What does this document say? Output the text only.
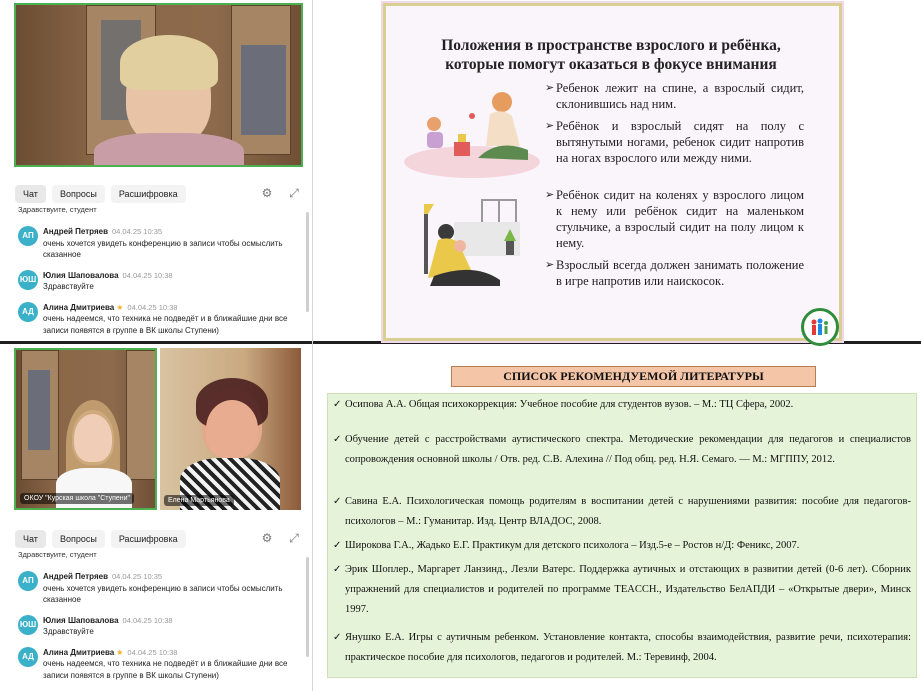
Чат	Вопросы	Расшифровка	⚙ ⤢
Здравствуите, студент
АП	Андрей Петряев 04.04.25 10:35
очень хочется увидеть конференцию в записи чтобы осмыслить сказанное
ЮШ Юлия Шаповалова 04.04.25 10:38
Здравствуйте
АД	Алина Дмитриева ★ 04.04.25 10:38
очень надеемся, что техника не подведёт и в ближайшие дни все записи появятся в группе в ВК школы Ступени)
Положения в пространстве взрослого и ребёнка,
которые помогут оказаться в фокусе внимания
➢ Ребенок лежит на спине, а взрослый сидит, склонившись над ним.
➢ Ребёнок и взрослый сидят на полу с вытянутыми ногами, ребенок сидит напротив на ногах взрослого или между ними.
➢ Ребёнок сидит на коленях у взрослого лицом к нему или ребёнок сидит на маленьком стульчике, а взрослый сидит на полу лицом к нему.
➢ Взрослый всегда должен занимать положение в игре напротив или наискосок.
ОКОУ "Курская школа "Ступени"	Елена Мартьянова
Чат	Вопросы	Расшифровка	⚙ ⤢
Здравствуите, студент
АП	Андрей Петряев 04.04.25 10:35
очень хочется увидеть конференцию в записи чтобы осмыслить сказанное
ЮШ Юлия Шаповалова 04.04.25 10:38
Здравствуйте
АД	Алина Дмитриева ★ 04.04.25 10:38
очень надеемся, что техника не подведёт и в ближайшие дни все записи появятся в группе в ВК школы Ступени)
СПИСОК РЕКОМЕНДУЕМОЙ ЛИТЕРАТУРЫ
✓ Осипова А.А. Общая психокоррекция: Учебное пособие для студентов вузов. – М.: ТЦ Сфера, 2002.
✓ Обучение детей с расстройствами аутистического спектра. Методические рекомендации для педагогов и специалистов сопровождения основной школы / Отв. ред. С.В. Алехина // Под общ. ред. Н.Я. Семаго. — М.: МГППУ, 2012.
✓ Савина Е.А. Психологическая помощь родителям в воспитании детей с нарушениями развития: пособие для педагогов-психологов – М.: Гуманитар. Изд. Центр ВЛАДОС, 2008.
✓ Широкова Г.А., Жадько Е.Г. Практикум для детского психолога – Изд.5-е – Ростов н/Д: Феникс, 2007.
✓ Эрик Шоплер., Маргарет Ланзинд., Лезли Ватерс. Поддержка аутичных и отстающих в развитии детей (0-6 лет). Сборник упражнений для специалистов и родителей по программе TEACCH., Издательство БелАПДИ – «Открытые двери», Минск 1997.
✓ Янушко Е.А. Игры с аутичным ребенком. Установление контакта, способы взаимодействия, развитие речи, психотерапия: практическое пособие для психологов, педагогов и родителей. М.: Теревинф, 2004.
